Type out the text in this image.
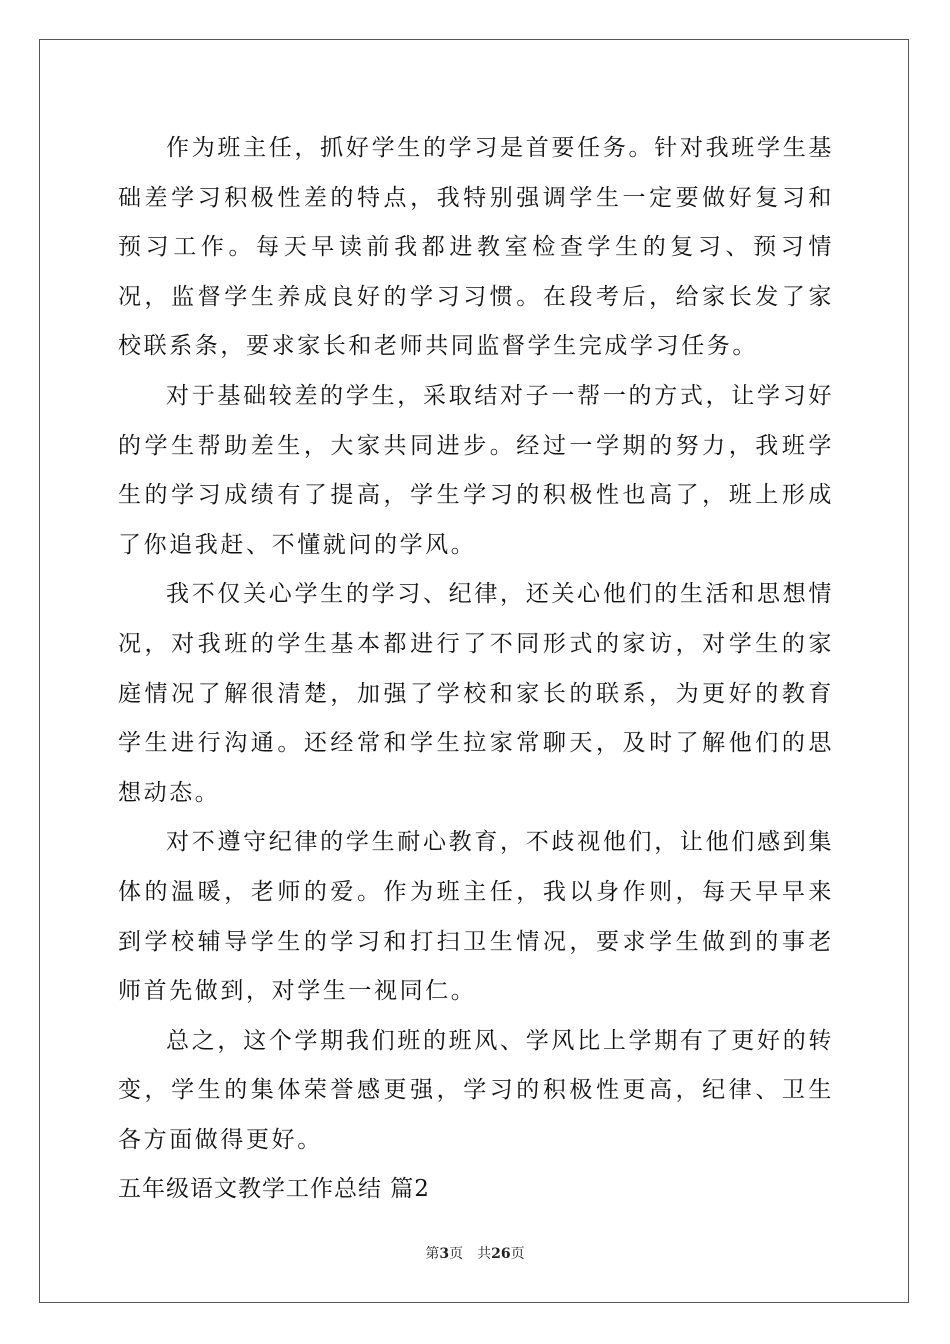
作为班主任，抓好学生的学习是首要任务。针对我班学生基础差学习积极性差的特点，我特别强调学生一定要做好复习和预习工作。每天早读前我都进教室检查学生的复习、预习情况，监督学生养成良好的学习习惯。在段考后，给家长发了家校联系条，要求家长和老师共同监督学生完成学习任务。

对于基础较差的学生，采取结对子一帮一的方式，让学习好的学生帮助差生，大家共同进步。经过一学期的努力，我班学生的学习成绩有了提高，学生学习的积极性也高了，班上形成了你追我赶、不懂就问的学风。

我不仅关心学生的学习、纪律，还关心他们的生活和思想情况，对我班的学生基本都进行了不同形式的家访，对学生的家庭情况了解很清楚，加强了学校和家长的联系，为更好的教育学生进行沟通。还经常和学生拉家常聊天，及时了解他们的思想动态。

对不遵守纪律的学生耐心教育，不歧视他们，让他们感到集体的温暖，老师的爱。作为班主任，我以身作则，每天早早来到学校辅导学生的学习和打扫卫生情况，要求学生做到的事老师首先做到，对学生一视同仁。

总之，这个学期我们班的班风、学风比上学期有了更好的转变，学生的集体荣誉感更强，学习的积极性更高，纪律、卫生各方面做得更好。

五年级语文教学工作总结 篇2

第3页 共26页
